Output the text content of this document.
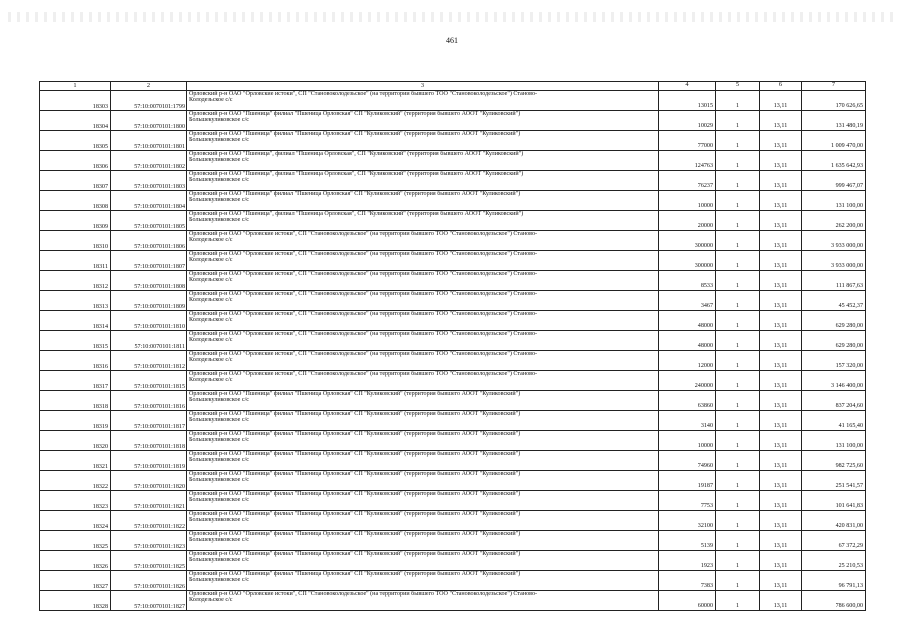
461
1	2	3	4	5	6	7
18303	57:10:0070101:1799	Орловский р-н ОАО "Орловские истоки", СП "Становоколодезьское" (на территории бывшего ТОО "Становоколодезьское") Станово-
Колодезьское с/с	13015	1	13,11	170 626,65
18304	57:10:0070101:1800	Орловский р-н ОАО "Пшеница" филиал "Пшеница Орловская" СП "Куликовский" (территория бывшего АООТ "Куликовский")
Большекуликовское с/с	10029	1	13,11	131 480,19
18305	57:10:0070101:1801	Орловский р-н ОАО "Пшеница" филиал "Пшеница Орловская" СП "Куликовский" (территория бывшего АООТ "Куликовский")
Большекуликовское с/с	77000	1	13,11	1 009 470,00
18306	57:10:0070101:1802	Орловский р-н ОАО "Пшеница", филиал "Пшеница Орловская", СП "Куликовский" (территория бывшего АООТ "Куликовский")
Большекуликовское с/с	124763	1	13,11	1 635 642,93
18307	57:10:0070101:1803	Орловский р-н ОАО "Пшеница", филиал "Пшеница Орловская", СП "Куликовский" (территория бывшего АООТ "Куликовский")
Большекуликовское с/с	76237	1	13,11	999 467,07
18308	57:10:0070101:1804	Орловский р-н ОАО "Пшеница" филиал "Пшеница Орловская" СП "Куликовский" (территория бывшего АООТ "Куликовский")
Большекуликовское с/с	10000	1	13,11	131 100,00
18309	57:10:0070101:1805	Орловский р-н ОАО "Пшеница", филиал "Пшеница Орловская", СП "Куликовский" (территория бывшего АООТ "Куликовский")
Большекуликовское с/с	20000	1	13,11	262 200,00
18310	57:10:0070101:1806	Орловский р-н ОАО "Орловские истоки", СП "Становоколодезьское" (на территории бывшего ТОО "Становоколодезьское") Станово-
Колодезьское с/с	300000	1	13,11	3 933 000,00
18311	57:10:0070101:1807	Орловский р-н ОАО "Орловские истоки", СП "Становоколодезьское" (на территории бывшего ТОО "Становоколодезьское") Станово-
Колодезьское с/с	300000	1	13,11	3 933 000,00
18312	57:10:0070101:1808	Орловский р-н ОАО "Орловские истоки", СП "Становоколодезьское" (на территории бывшего ТОО "Становоколодезьское") Станово-
Колодезьское с/с	8533	1	13,11	111 867,63
18313	57:10:0070101:1809	Орловский р-н ОАО "Орловские истоки", СП "Становоколодезьское" (на территории бывшего ТОО "Становоколодезьское") Станово-
Колодезьское с/с	3467	1	13,11	45 452,37
18314	57:10:0070101:1810	Орловский р-н ОАО "Орловские истоки", СП "Становоколодезьское" (на территории бывшего ТОО "Становоколодезьское") Станово-
Колодезьское с/с	48000	1	13,11	629 280,00
18315	57:10:0070101:1811	Орловский р-н ОАО "Орловские истоки", СП "Становоколодезьское" (на территории бывшего ТОО "Становоколодезьское") Станово-
Колодезьское с/с	48000	1	13,11	629 280,00
18316	57:10:0070101:1812	Орловский р-н ОАО "Орловские истоки", СП "Становоколодезьское" (на территории бывшего ТОО "Становоколодезьское") Станово-
Колодезьское с/с	12000	1	13,11	157 320,00
18317	57:10:0070101:1815	Орловский р-н ОАО "Орловские истоки", СП "Становоколодезьское" (на территории бывшего ТОО "Становоколодезьское") Станово-
Колодезьское с/с	240000	1	13,11	3 146 400,00
18318	57:10:0070101:1816	Орловский р-н ОАО "Пшеница" филиал "Пшеница Орловская" СП "Куликовский" (территория бывшего АООТ "Куликовский")
Большекуликовское с/с	63860	1	13,11	837 204,60
18319	57:10:0070101:1817	Орловский р-н ОАО "Пшеница" филиал "Пшеница Орловская" СП "Куликовский" (территория бывшего АООТ "Куликовский")
Большекуликовское с/с	3140	1	13,11	41 165,40
18320	57:10:0070101:1818	Орловский р-н ОАО "Пшеница" филиал "Пшеница Орловская" СП "Куликовский" (территория бывшего АООТ "Куликовский")
Большекуликовское с/с	10000	1	13,11	131 100,00
18321	57:10:0070101:1819	Орловский р-н ОАО "Пшеница" филиал "Пшеница Орловская" СП "Куликовский" (территория бывшего АООТ "Куликовский")
Большекуликовское с/с	74960	1	13,11	982 725,60
18322	57:10:0070101:1820	Орловский р-н ОАО "Пшеница" филиал "Пшеница Орловская" СП "Куликовский" (территория бывшего АООТ "Куликовский")
Большекуликовское с/с	19187	1	13,11	251 541,57
18323	57:10:0070101:1821	Орловский р-н ОАО "Пшеница" филиал "Пшеница Орловская" СП "Куликовский" (территория бывшего АООТ "Куликовский")
Большекуликовское с/с	7753	1	13,11	101 641,83
18324	57:10:0070101:1822	Орловский р-н ОАО "Пшеница" филиал "Пшеница Орловская" СП "Куликовский" (территория бывшего АООТ "Куликовский")
Большекуликовское с/с	32100	1	13,11	420 831,00
18325	57:10:0070101:1823	Орловский р-н ОАО "Пшеница" филиал "Пшеница Орловская" СП "Куликовский" (территория бывшего АООТ "Куликовский")
Большекуликовское с/с	5139	1	13,11	67 372,29
18326	57:10:0070101:1825	Орловский р-н ОАО "Пшеница" филиал "Пшеница Орловская" СП "Куликовский" (территория бывшего АООТ "Куликовский")
Большекуликовское с/с	1923	1	13,11	25 210,53
18327	57:10:0070101:1826	Орловский р-н ОАО "Пшеница" филиал "Пшеница Орловская" СП "Куликовский" (территория бывшего АООТ "Куликовский")
Большекуликовское с/с	7383	1	13,11	96 791,13
18328	57:10:0070101:1827	Орловский р-н ОАО "Орловские истоки", СП "Становоколодезьское" (на территории бывшего ТОО "Становоколодезьское") Станово-
Колодезьское с/с	60000	1	13,11	786 600,00
